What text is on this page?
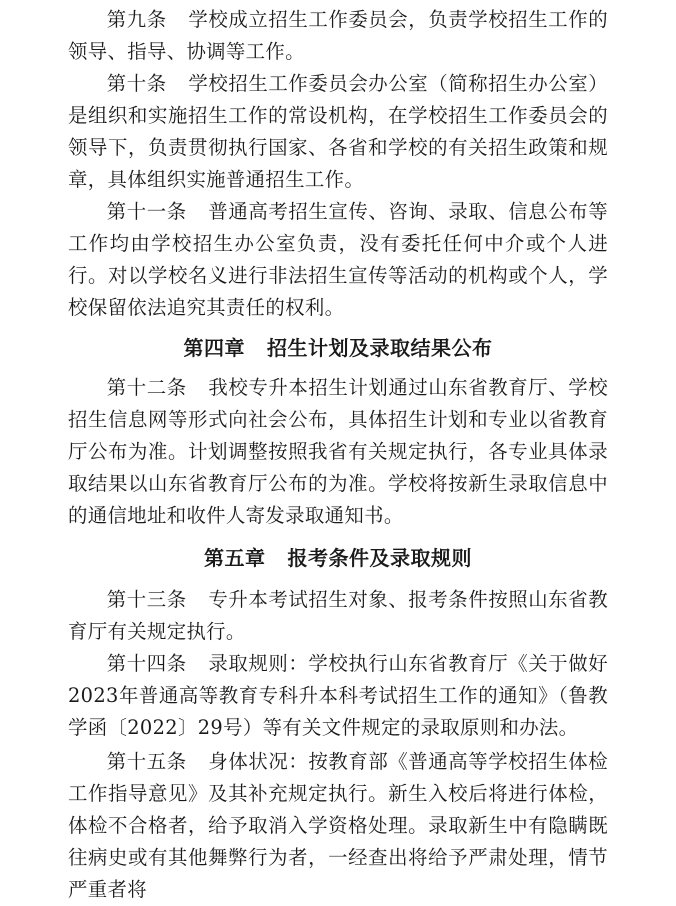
第九条 学校成立招生工作委员会，负责学校招生工作的领导、指导、协调等工作。

第十条 学校招生工作委员会办公室（简称招生办公室）是组织和实施招生工作的常设机构，在学校招生工作委员会的领导下，负责贯彻执行国家、各省和学校的有关招生政策和规章，具体组织实施普通招生工作。

第十一条 普通高考招生宣传、咨询、录取、信息公布等工作均由学校招生办公室负责，没有委托任何中介或个人进行。对以学校名义进行非法招生宣传等活动的机构或个人，学校保留依法追究其责任的权利。

第四章 招生计划及录取结果公布

第十二条 我校专升本招生计划通过山东省教育厅、学校招生信息网等形式向社会公布，具体招生计划和专业以省教育厅公布为准。计划调整按照我省有关规定执行，各专业具体录取结果以山东省教育厅公布的为准。学校将按新生录取信息中的通信地址和收件人寄发录取通知书。

第五章 报考条件及录取规则

第十三条 专升本考试招生对象、报考条件按照山东省教育厅有关规定执行。

第十四条 录取规则：学校执行山东省教育厅《关于做好2023年普通高等教育专科升本科考试招生工作的通知》（鲁教学函〔2022〕29号）等有关文件规定的录取原则和办法。

第十五条 身体状况：按教育部《普通高等学校招生体检工作指导意见》及其补充规定执行。新生入校后将进行体检，体检不合格者，给予取消入学资格处理。录取新生中有隐瞒既往病史或有其他舞弊行为者，一经查出将给予严肃处理，情节严重者将
